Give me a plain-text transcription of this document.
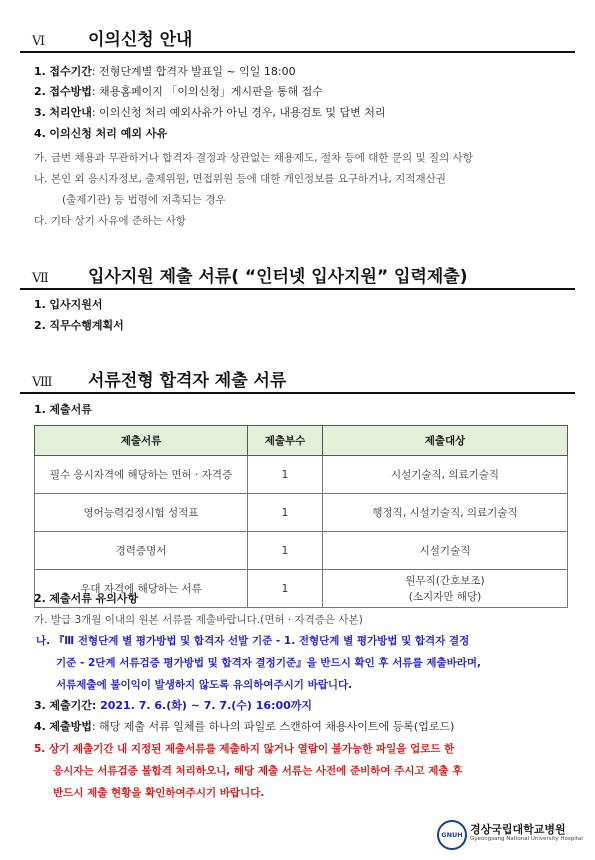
Ⅵ	이의신청 안내
1. 접수기간: 전형단계별 합격자 발표일 ~ 익일 18:00
2. 접수방법: 채용홈페이지 「이의신청」게시판을 통해 접수
3. 처리안내: 이의신청 처리 예외사유가 아닌 경우, 내용검토 및 답변 처리
4. 이의신청 처리 예외 사유
가. 금번 채용과 무관하거나 합격자 결정과 상관없는 채용제도, 절차 등에 대한 문의 및 질의 사항
나. 본인 외 응시자정보, 출제위원, 면접위원 등에 대한 개인정보를 요구하거나, 지적재산권
(출제기관) 등 법령에 저촉되는 경우
다. 기타 상기 사유에 준하는 사항
Ⅶ 입사지원 제출 서류( “인터넷 입사지원” 입력제출)
1. 입사지원서
2. 직무수행계획서
Ⅷ 서류전형 합격자 제출 서류
1. 제출서류
제출서류	제출부수	제출대상
필수 응시자격에 해당하는 면허 · 자격증	1	시설기술직, 의료기술직
영어능력검정시험 성적표	1	행정직, 시설기술직, 의료기술직
경력증명서	1	시설기술직
우대 자격에 해당하는 서류	1	원무직(간호보조)
(소지자만 해당)
2. 제출서류 유의사항
가. 발급 3개월 이내의 원본 서류를 제출바랍니다.(면허 · 자격증은 사본)
나. 『Ⅲ 전형단계 별 평가방법 및 합격자 선발 기준 - 1. 전형단계 별 평가방법 및 합격자 결정
기준 - 2단계 서류검증 평가방법 및 합격자 결정기준』을 반드시 확인 후 서류를 제출바라며,
서류제출에 불이익이 발생하지 않도록 유의하여주시기 바랍니다.
3. 제출기간: 2021. 7. 6.(화) ~ 7. 7.(수) 16:00까지
4. 제출방법: 해당 제출 서류 일체를 하나의 파일로 스캔하여 채용사이트에 등록(업로드)
5. 상기 제출기간 내 지정된 제출서류를 제출하지 않거나 열람이 불가능한 파일을 업로드 한
응시자는 서류검증 불합격 처리하오니, 해당 제출 서류는 사전에 준비하여 주시고 제출 후
반드시 제출 현황을 확인하여주시기 바랍니다.
GNUH 경상국립대학교병원
Gyeongsang National University Hospital
